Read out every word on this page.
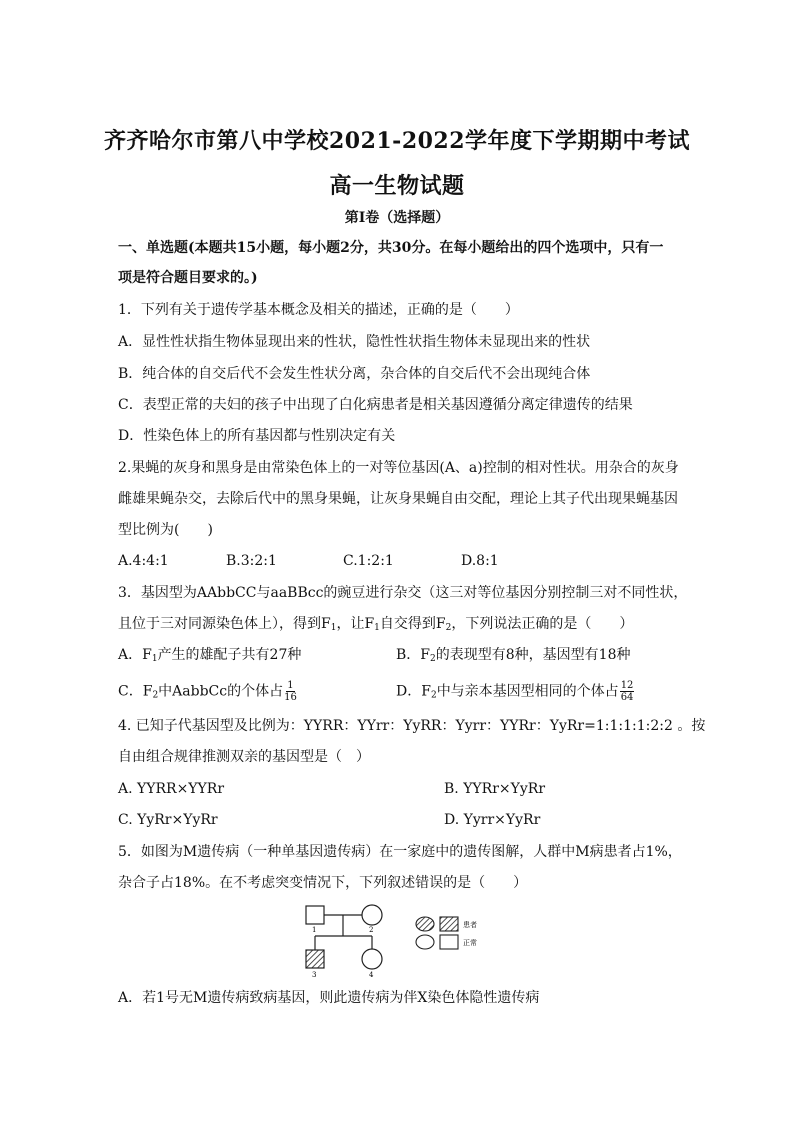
齐齐哈尔市第八中学校2021-2022学年度下学期期中考试
高一生物试题
第Ⅰ卷（选择题）
一、单选题(本题共15小题，每小题2分，共30分。在每小题给出的四个选项中，只有一
项是符合题目要求的。)
1．下列有关于遗传学基本概念及相关的描述，正确的是（　　）
A．显性性状指生物体显现出来的性状，隐性性状指生物体未显现出来的性状
B．纯合体的自交后代不会发生性状分离，杂合体的自交后代不会出现纯合体
C．表型正常的夫妇的孩子中出现了白化病患者是相关基因遵循分离定律遗传的结果
D．性染色体上的所有基因都与性别决定有关
2.果蝇的灰身和黑身是由常染色体上的一对等位基因(A、a)控制的相对性状。用杂合的灰身
雌雄果蝇杂交，去除后代中的黑身果蝇，让灰身果蝇自由交配，理论上其子代出现果蝇基因
型比例为(　　)
A.4:4:1	B.3:2:1	C.1:2:1	D.8:1
3．基因型为AAbbCC与aaBBcc的豌豆进行杂交（这三对等位基因分别控制三对不同性状，
且位于三对同源染色体上），得到$F_1$，让$F_1$自交得到$F_2$，下列说法正确的是（　　）
A．$F_1$产生的雄配子共有27种	B．$F_2$的表现型有8种，基因型有18种
C．$F_2$中AabbCc的个体占 $\frac{1}{16}$	D．$F_2$中与亲本基因型相同的个体占 $\frac{12}{64}$
4. 已知子代基因型及比例为：YYRR：YYrr：YyRR：Yyrr：YYRr：YyRr=1:1:1:1:2:2 。按
自由组合规律推测双亲的基因型是（　）
A. YYRR×YYRr	B. YYRr×YyRr
C. YyRr×YyRr	D. Yyrr×YyRr
5．如图为M遗传病（一种单基因遗传病）在一家庭中的遗传图解，人群中M病患者占1%，
杂合子占18%。在不考虑突变情况下，下列叙述错误的是（　　）
1	2
3	4
患者
正常
A．若1号无M遗传病致病基因，则此遗传病为伴X染色体隐性遗传病
